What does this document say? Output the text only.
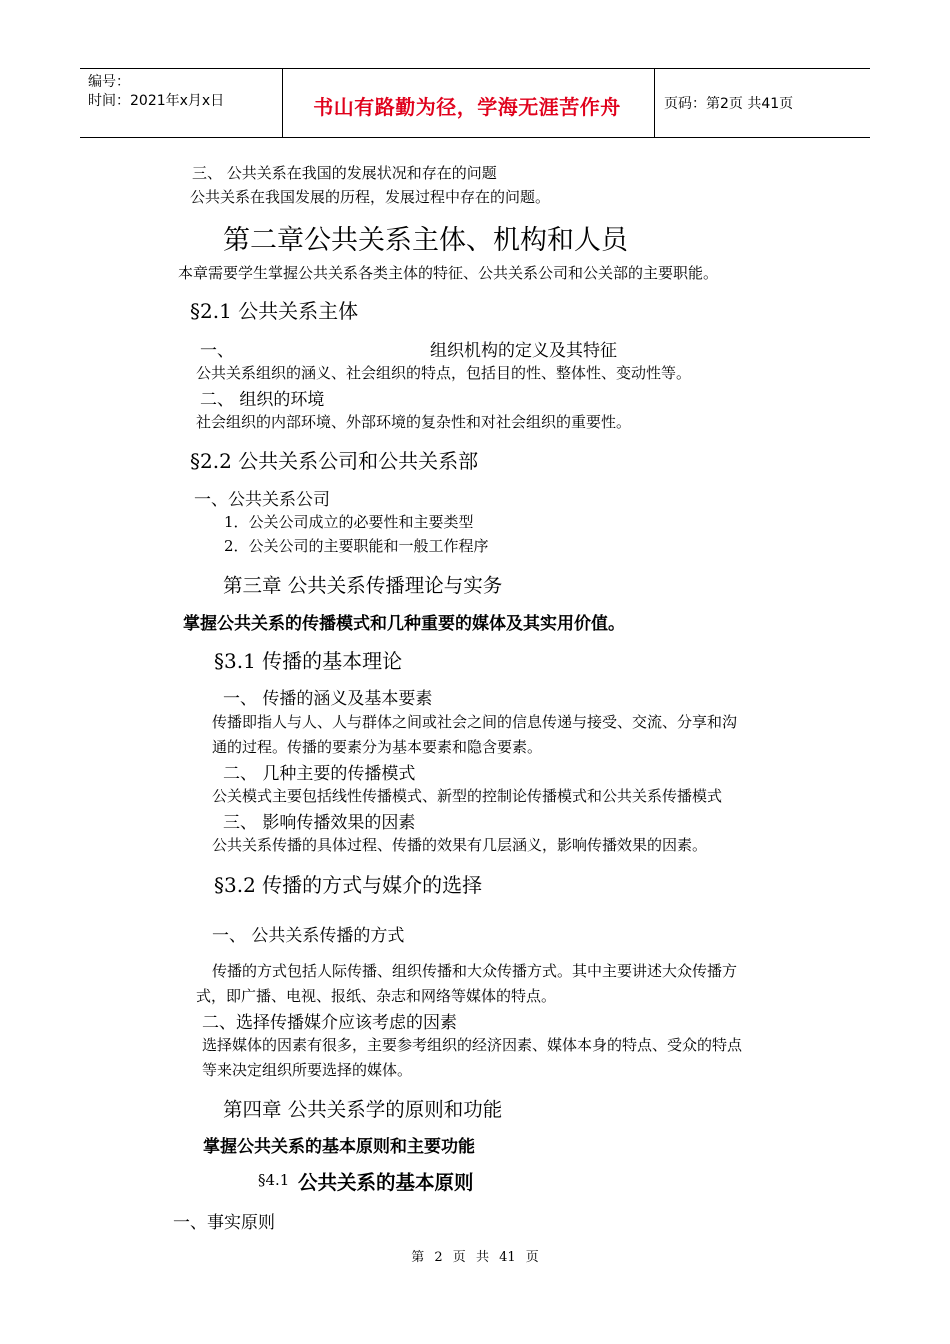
编号：
时间：2021年x月x日	书山有路勤为径，学海无涯苦作舟	页码：第2页 共41页
三、 公共关系在我国的发展状况和存在的问题
公共关系在我国发展的历程，发展过程中存在的问题。
第二章公共关系主体、机构和人员
本章需要学生掌握公共关系各类主体的特征、公共关系公司和公关部的主要职能。
§2.1 公共关系主体
一、	组织机构的定义及其特征
公共关系组织的涵义、社会组织的特点，包括目的性、整体性、变动性等。
二、 组织的环境
社会组织的内部环境、外部环境的复杂性和对社会组织的重要性。
§2.2 公共关系公司和公共关系部
一、公共关系公司
1．公关公司成立的必要性和主要类型
2．公关公司的主要职能和一般工作程序
第三章 公共关系传播理论与实务
掌握公共关系的传播模式和几种重要的媒体及其实用价值。
§3.1 传播的基本理论
一、 传播的涵义及基本要素
传播即指人与人、人与群体之间或社会之间的信息传递与接受、交流、分享和沟
通的过程。传播的要素分为基本要素和隐含要素。
二、 几种主要的传播模式
公关模式主要包括线性传播模式、新型的控制论传播模式和公共关系传播模式
三、 影响传播效果的因素
公共关系传播的具体过程、传播的效果有几层涵义，影响传播效果的因素。
§3.2 传播的方式与媒介的选择
一、 公共关系传播的方式
传播的方式包括人际传播、组织传播和大众传播方式。其中主要讲述大众传播方
式，即广播、电视、报纸、杂志和网络等媒体的特点。
二、选择传播媒介应该考虑的因素
选择媒体的因素有很多，主要参考组织的经济因素、媒体本身的特点、受众的特点
等来决定组织所要选择的媒体。
第四章 公共关系学的原则和功能
掌握公共关系的基本原则和主要功能
§4.1 公共关系的基本原则
一、事实原则
第 2 页 共 41 页
